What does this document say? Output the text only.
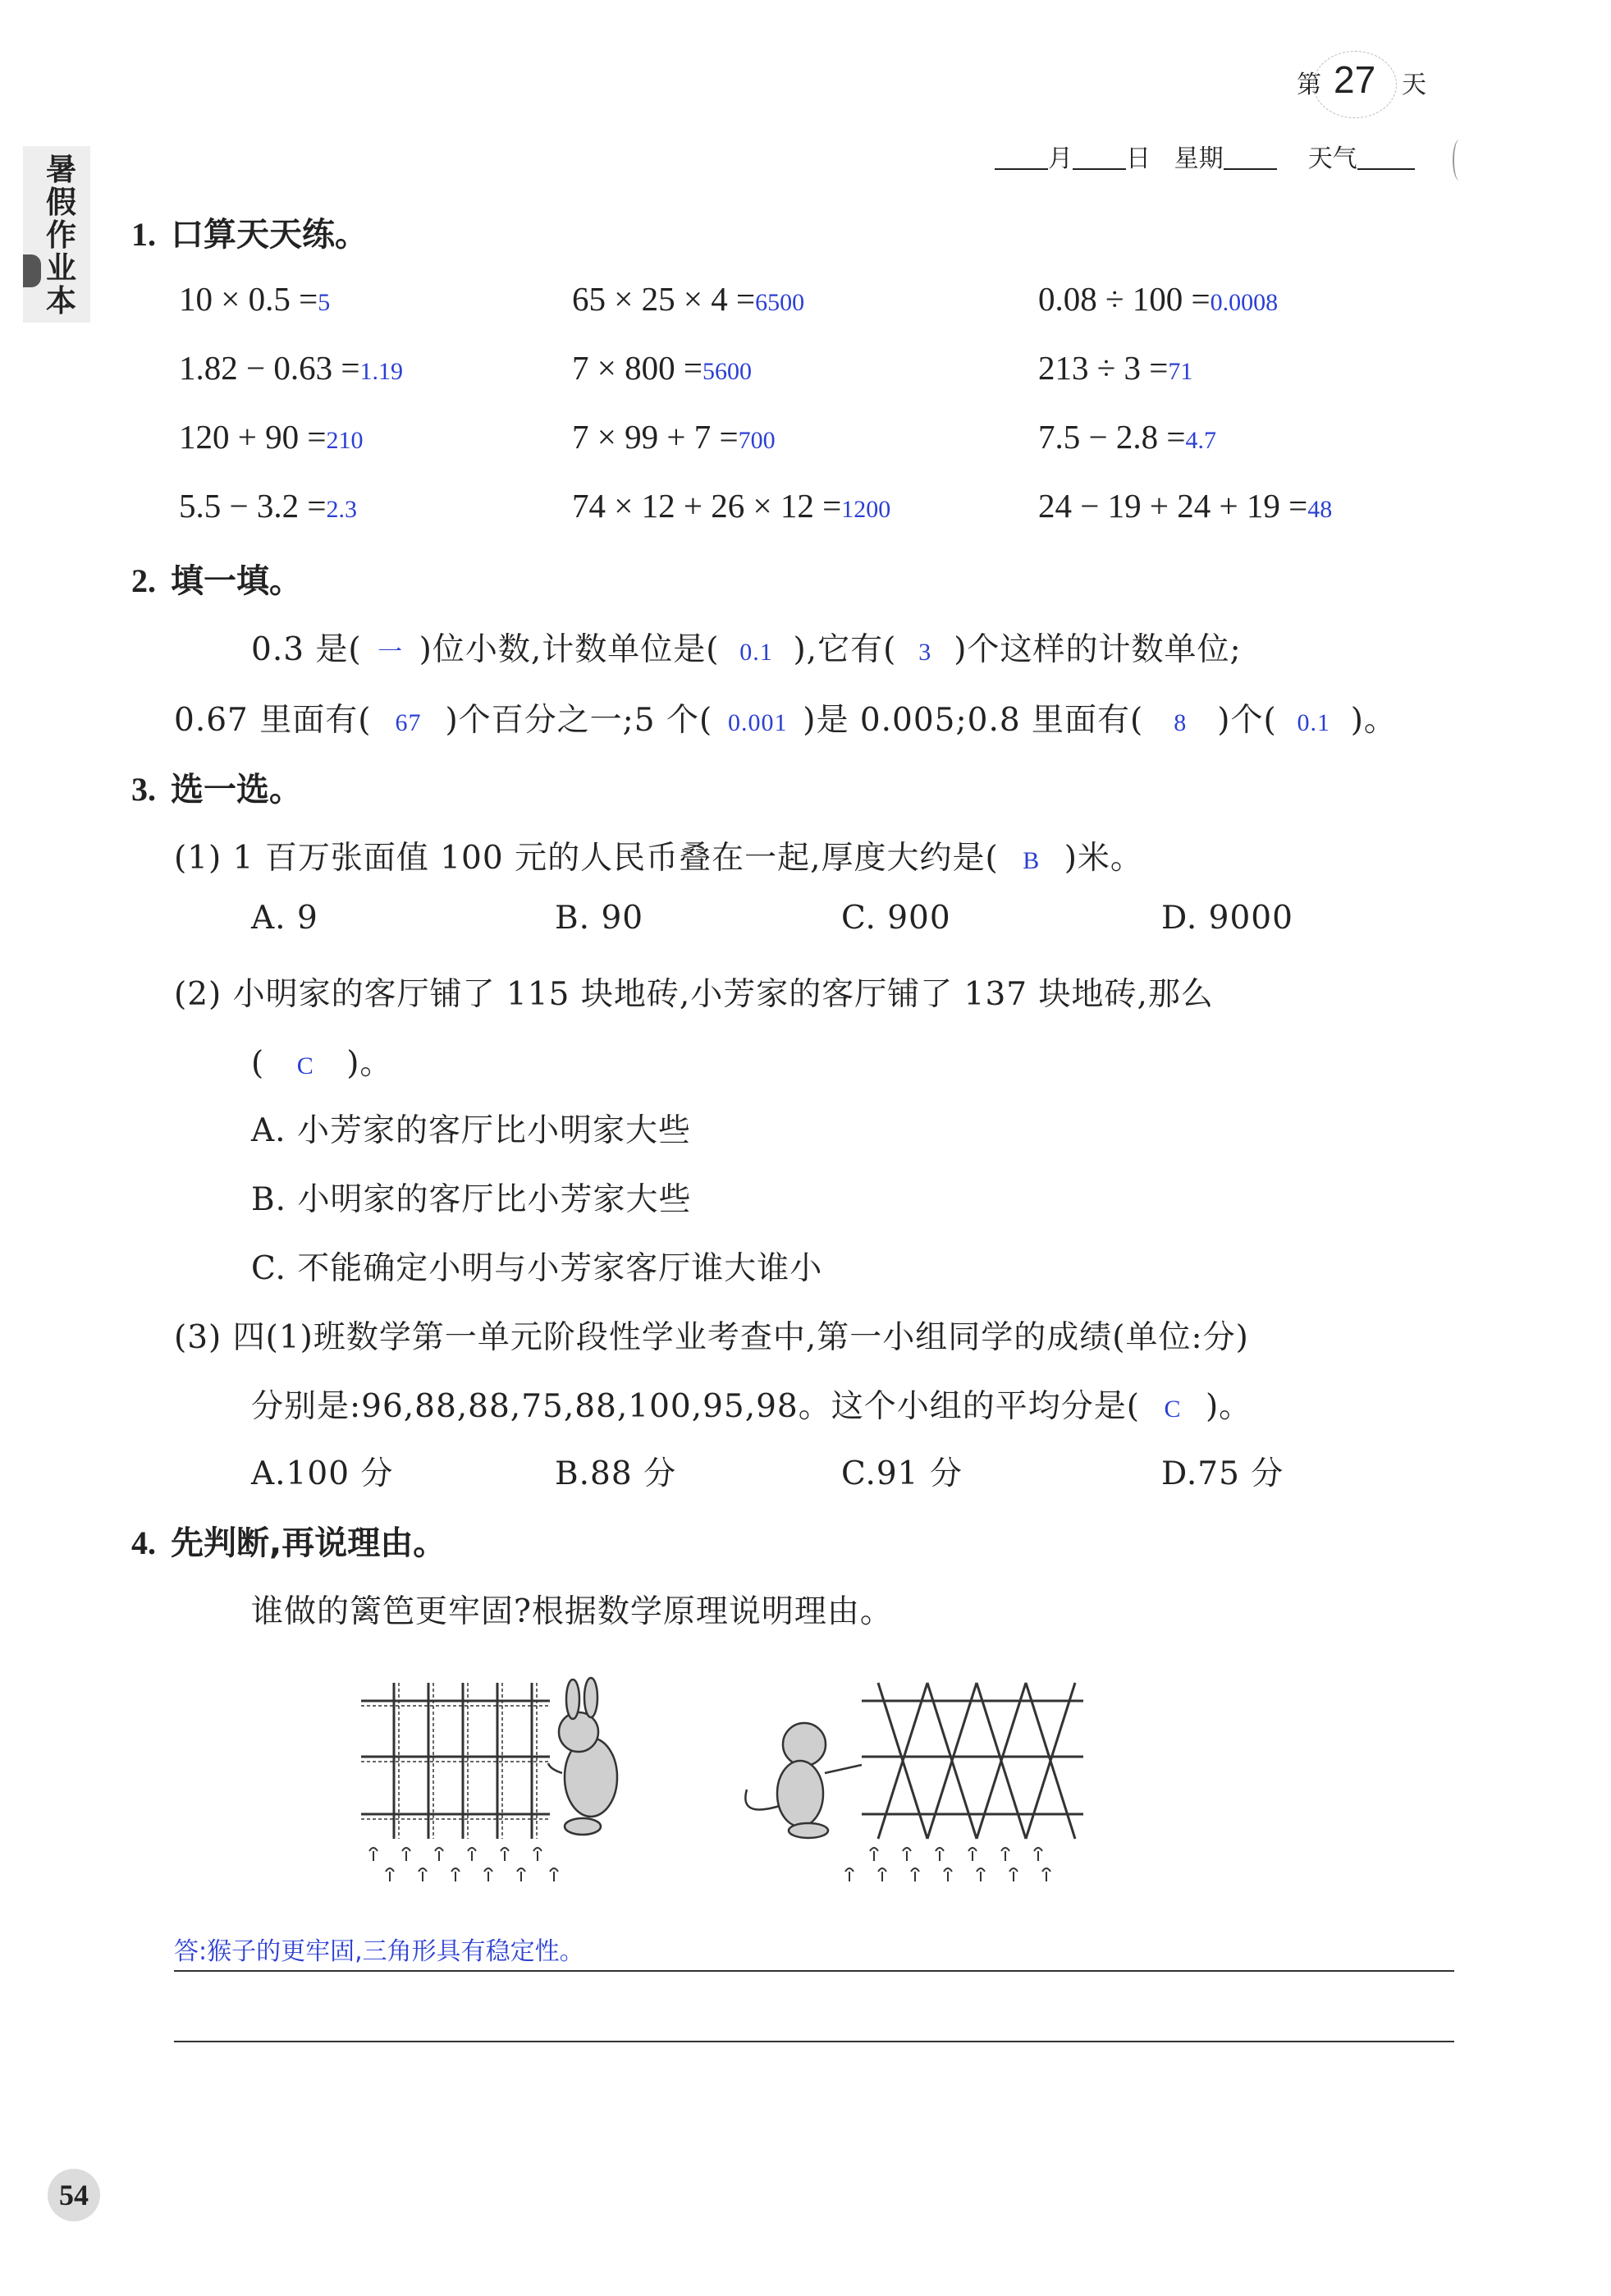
第 27 天
月 日 星期	天气
暑假作业本
1. 口算天天练。
10 × 0.5 =5	65 × 25 × 4 =6500	0.08 ÷ 100 =0.0008
1.82 − 0.63 =1.19	7 × 800 =5600	213 ÷ 3 =71
120 + 90 =210	7 × 99 + 7 =700	7.5 − 2.8 =4.7
5.5 − 3.2 =2.3	74 × 12 + 26 × 12 =1200	24 − 19 + 24 + 19 =48
2. 填一填。
0.3 是( 一 )位小数,计数单位是( 0.1 ),它有( 3 )个这样的计数单位;
0.67 里面有( 67 )个百分之一;5 个( 0.001 )是 0.005;0.8 里面有( 8 )个( 0.1 )。
3. 选一选。
(1) 1 百万张面值 100 元的人民币叠在一起,厚度大约是( B )米。
A. 9	B. 90	C. 900	D. 9000
(2) 小明家的客厅铺了 115 块地砖,小芳家的客厅铺了 137 块地砖,那么
( C )。
A. 小芳家的客厅比小明家大些
B. 小明家的客厅比小芳家大些
C. 不能确定小明与小芳家客厅谁大谁小
(3) 四(1)班数学第一单元阶段性学业考查中,第一小组同学的成绩(单位:分)
分别是:96,88,88,75,88,100,95,98。这个小组的平均分是( C )。
A.100 分	B.88 分	C.91 分	D.75 分
4. 先判断,再说理由。
谁做的篱笆更牢固?根据数学原理说明理由。
答:猴子的更牢固,三角形具有稳定性。
54
